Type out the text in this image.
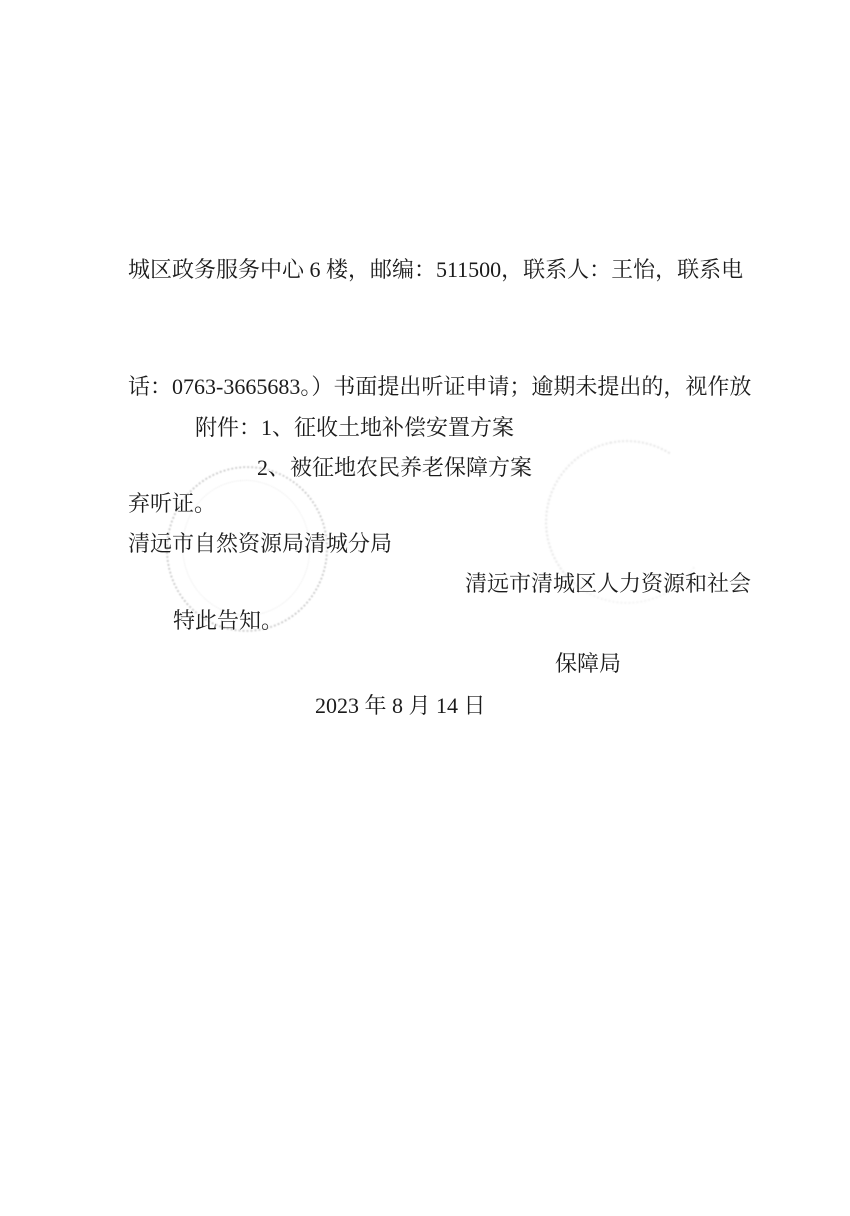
城区政务服务中心 6 楼，邮编：511500，联系人：王怡，联系电

话：0763-3665683。）书面提出听证申请；逾期未提出的，视作放

弃听证。

特此告知。

附件：1、征收土地补偿安置方案
2、被征地农民养老保障方案

清远市自然资源局清城分局

清远市清城区人力资源和社会

保障局

2023 年 8 月 14 日
